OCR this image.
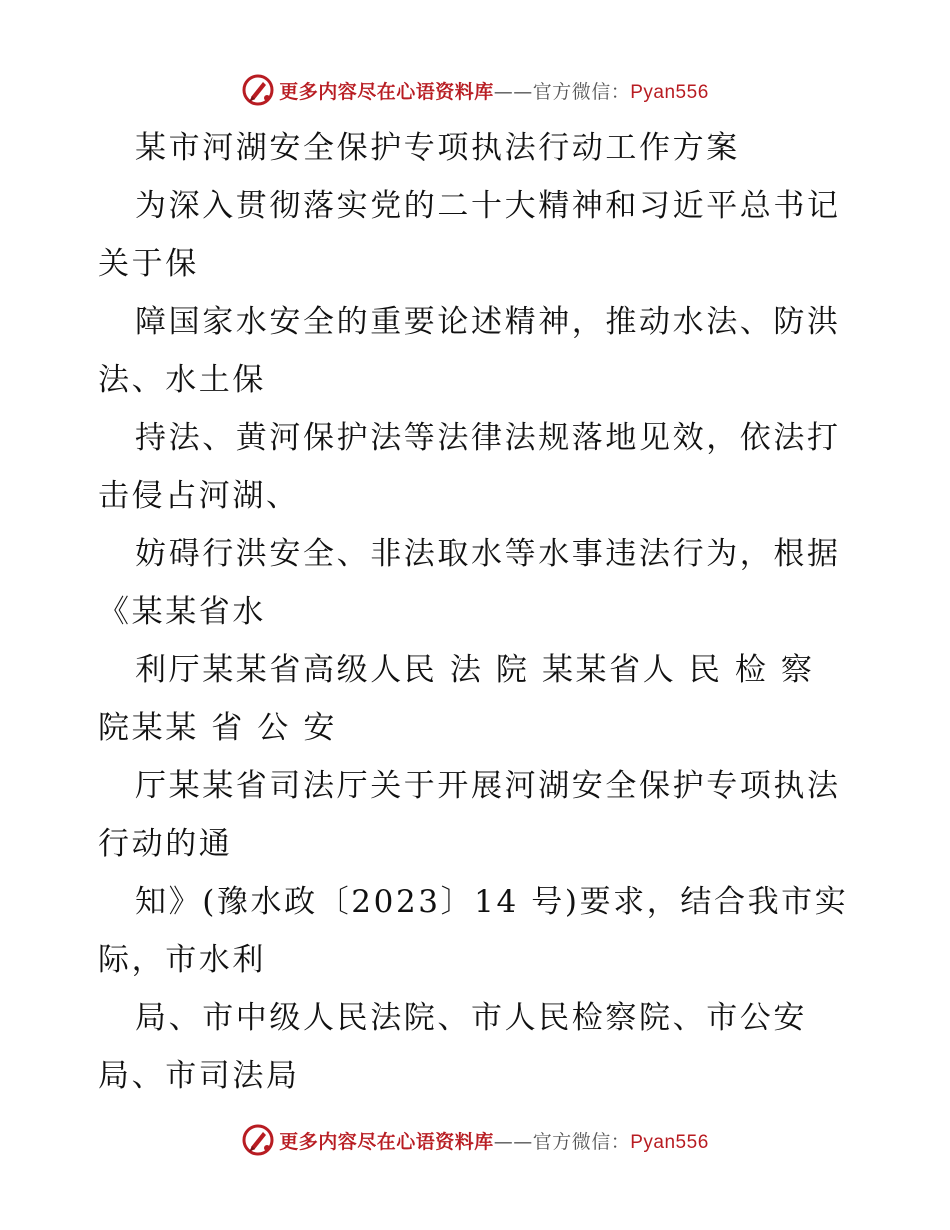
更多内容尽在心语资料库——官方微信：Pyan556
某市河湖安全保护专项执法行动工作方案
为深入贯彻落实党的二十大精神和习近平总书记
关于保
障国家水安全的重要论述精神，推动水法、防洪
法、水土保
持法、黄河保护法等法律法规落地见效，依法打
击侵占河湖、
妨碍行洪安全、非法取水等水事违法行为，根据
《某某省水
利厅某某省高级人民 法 院 某某省人 民 检 察
院某某 省 公 安
厅某某省司法厅关于开展河湖安全保护专项执法
行动的通
知》(豫水政〔2023〕14 号)要求，结合我市实
际，市水利
局、市中级人民法院、市人民检察院、市公安
局、市司法局
更多内容尽在心语资料库——官方微信：Pyan556
